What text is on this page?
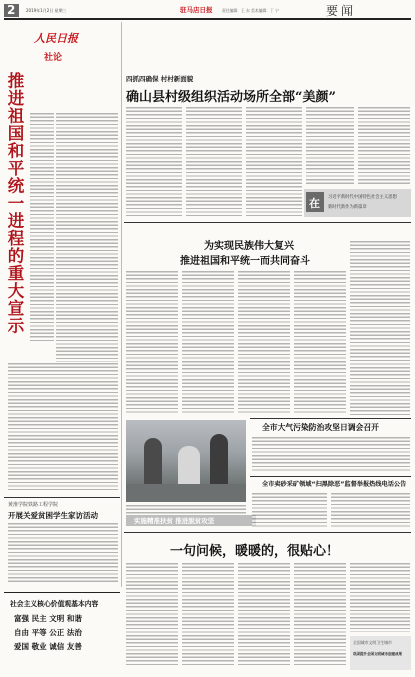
2	2019年1月2日 星期三	驻马店日报	责任编辑：王 东 美术编辑：丁 宁	要闻
人民日报
社论
推进祖国和平统一进程的重大宣示
黄淮学院铁路工程学院
开展关爱贫困学生家访活动
社会主义核心价值观基本内容
富强 民主 文明 和谐
自由 平等 公正 法治
爱国 敬业 诚信 友善
四抓四确保 村村新面貌
确山县村级组织活动场所全部“美颜”
在 习近平新时代中国特色社会主义思想
新时代新作为新篇章
为实现民族伟大复兴
推进祖国和平统一而共同奋斗
实施精准扶贫 推进脱贫攻坚
全市大气污染防治攻坚日调会召开
全市卖砂采矿领域“扫黑除恶”监督举报热线电话公告
一句问候，暖暖的，很贴心！
全国城市文明卫生城市
巩固提升全国文明城市创建成果
